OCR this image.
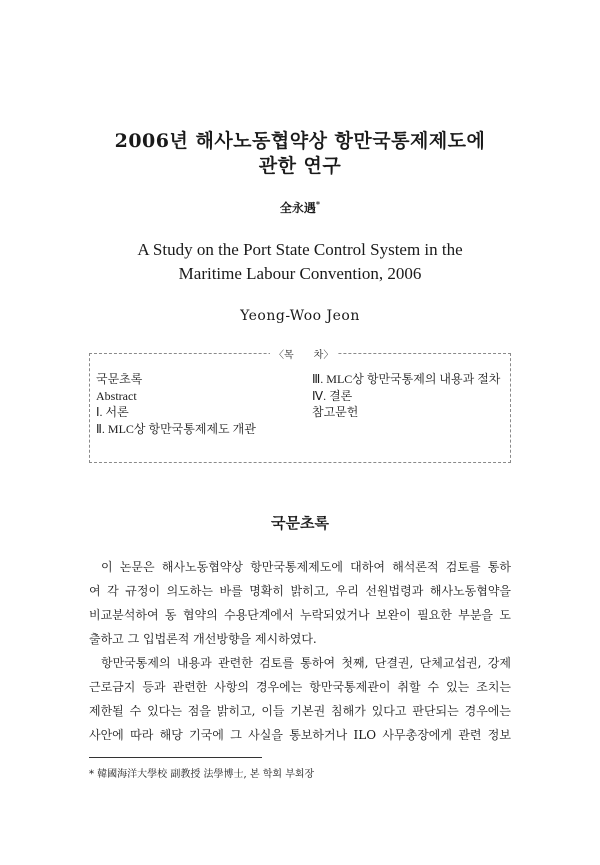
2006년 해사노동협약상 항만국통제제도에
관한 연구
全永遇*
A Study on the Port State Control System in the
Maritime Labour Convention, 2006
Yeong-Woo Jeon
〈목　　차〉
국문초록
Abstract
Ⅰ. 서론
Ⅱ. MLC상 항만국통제제도 개관
Ⅲ. MLC상 항만국통제의 내용과 절차
Ⅳ. 결론
참고문헌
국문초록
이 논문은 해사노동협약상 항만국통제제도에 대하여 해석론적 검토를 통하
여 각 규정이 의도하는 바를 명확히 밝히고, 우리 선원법령과 해사노동협약을
비교분석하여 동 협약의 수용단계에서 누락되었거나 보완이 필요한 부분을 도
출하고 그 입법론적 개선방향을 제시하였다.
항만국통제의 내용과 관련한 검토를 통하여 첫째, 단결권, 단체교섭권, 강제
근로금지 등과 관련한 사항의 경우에는 항만국통제관이 취할 수 있는 조치는
제한될 수 있다는 점을 밝히고, 이들 기본권 침해가 있다고 판단되는 경우에는
사안에 따라 해당 기국에 그 사실을 통보하거나 ILO 사무총장에게 관련 정보
* 韓國海洋大學校 副教授 法學博士, 본 학회 부회장
